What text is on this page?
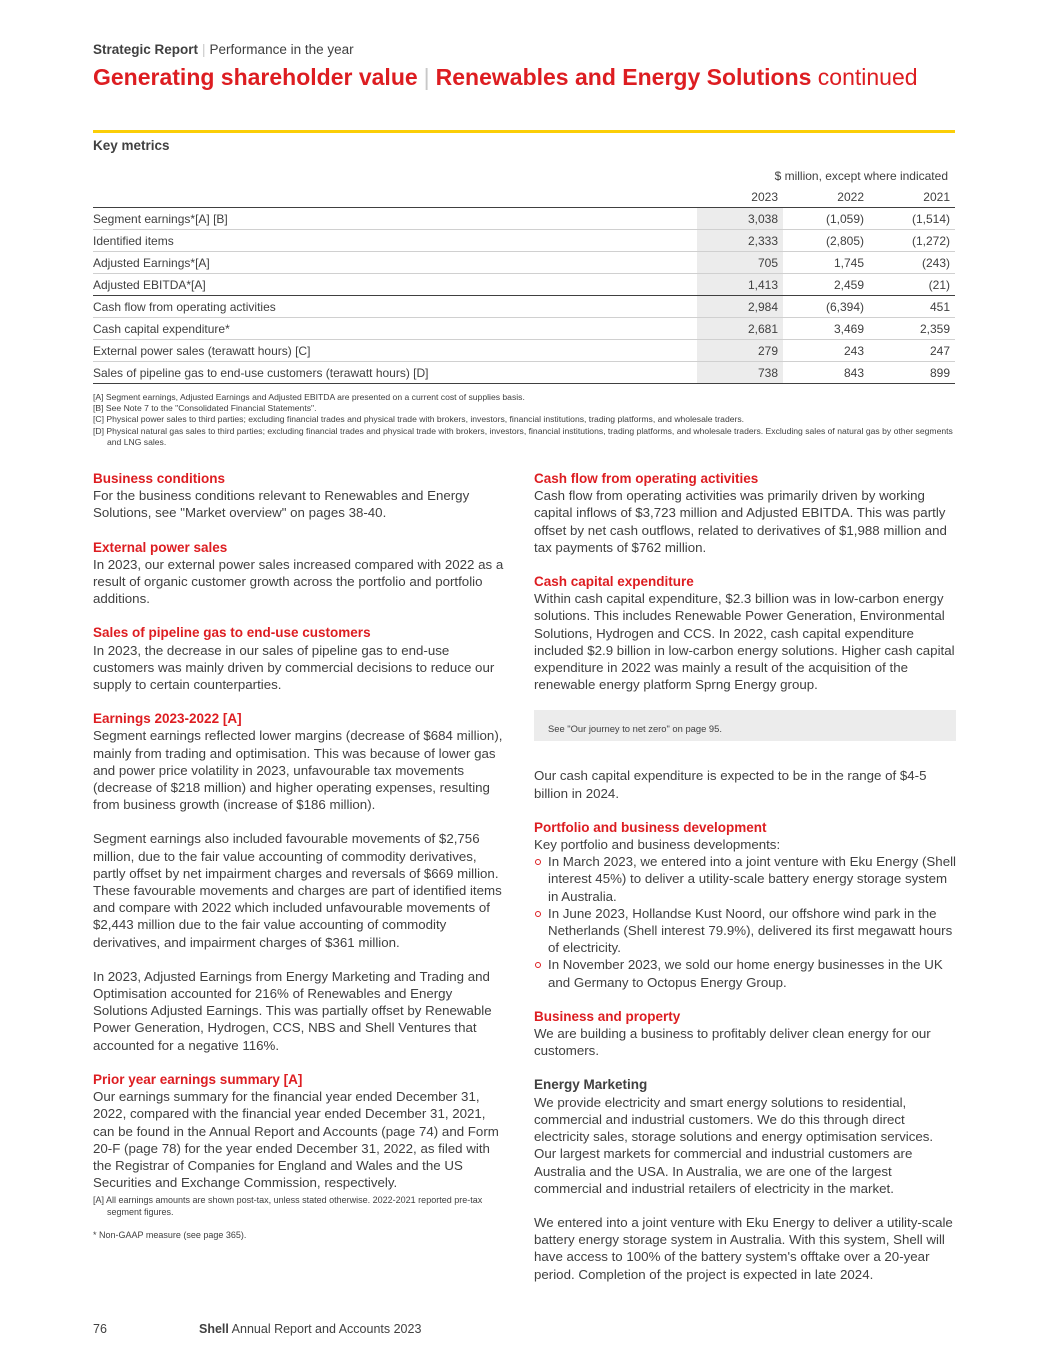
Strategic Report | Performance in the year
Generating shareholder value | Renewables and Energy Solutions continued
Key metrics
$ million, except where indicated
	2023	2022	2021
Segment earnings*[A] [B]	3,038	(1,059)	(1,514)
Identified items	2,333	(2,805)	(1,272)
Adjusted Earnings*[A]	705	1,745	(243)
Adjusted EBITDA*[A]	1,413	2,459	(21)
Cash flow from operating activities	2,984	(6,394)	451
Cash capital expenditure*	2,681	3,469	2,359
External power sales (terawatt hours) [C]	279	243	247
Sales of pipeline gas to end-use customers (terawatt hours) [D]	738	843	899
[A] Segment earnings, Adjusted Earnings and Adjusted EBITDA are presented on a current cost of supplies basis.
[B] See Note 7 to the "Consolidated Financial Statements".
[C] Physical power sales to third parties; excluding financial trades and physical trade with brokers, investors, financial institutions, trading platforms, and wholesale traders.
[D] Physical natural gas sales to third parties; excluding financial trades and physical trade with brokers, investors, financial institutions, trading platforms, and wholesale traders. Excluding sales of natural gas by other segments and LNG sales.
Business conditions
For the business conditions relevant to Renewables and Energy Solutions, see "Market overview" on pages 38-40.
External power sales
In 2023, our external power sales increased compared with 2022 as a result of organic customer growth across the portfolio and portfolio additions.
Sales of pipeline gas to end-use customers
In 2023, the decrease in our sales of pipeline gas to end-use customers was mainly driven by commercial decisions to reduce our supply to certain counterparties.
Earnings 2023-2022 [A]

Segment earnings reflected lower margins (decrease of $684 million), mainly from trading and optimisation. This was because of lower gas and power price volatility in 2023, unfavourable tax movements (decrease of $218 million) and higher operating expenses, resulting from business growth (increase of $186 million).

Segment earnings also included favourable movements of $2,756 million, due to the fair value accounting of commodity derivatives, partly offset by net impairment charges and reversals of $669 million. These favourable movements and charges are part of identified items and compare with 2022 which included unfavourable movements of $2,443 million due to the fair value accounting of commodity derivatives, and impairment charges of $361 million.

In 2023, Adjusted Earnings from Energy Marketing and Trading and Optimisation accounted for 216% of Renewables and Energy Solutions Adjusted Earnings. This was partially offset by Renewable Power Generation, Hydrogen, CCS, NBS and Shell Ventures that accounted for a negative 116%.

Prior year earnings summary [A]
Our earnings summary for the financial year ended December 31, 2022, compared with the financial year ended December 31, 2021, can be found in the Annual Report and Accounts (page 74) and Form 20-F (page 78) for the year ended December 31, 2022, as filed with the Registrar of Companies for England and Wales and the US Securities and Exchange Commission, respectively.
[A] All earnings amounts are shown post-tax, unless stated otherwise. 2022-2021 reported pre-tax segment figures.
* Non-GAAP measure (see page 365).
Cash flow from operating activities
Cash flow from operating activities was primarily driven by working capital inflows of $3,723 million and Adjusted EBITDA. This was partly offset by net cash outflows, related to derivatives of $1,988 million and tax payments of $762 million.
Cash capital expenditure
Within cash capital expenditure, $2.3 billion was in low-carbon energy solutions. This includes Renewable Power Generation, Environmental Solutions, Hydrogen and CCS. In 2022, cash capital expenditure included $2.9 billion in low-carbon energy solutions. Higher cash capital expenditure in 2022 was mainly a result of the acquisition of the renewable energy platform Sprng Energy group.
See "Our journey to net zero" on page 95.

Our cash capital expenditure is expected to be in the range of $4-5 billion in 2024.

Portfolio and business development
Key portfolio and business developments:
In March 2023, we entered into a joint venture with Eku Energy (Shell interest 45%) to deliver a utility-scale battery energy storage system in Australia.
In June 2023, Hollandse Kust Noord, our offshore wind park in the Netherlands (Shell interest 79.9%), delivered its first megawatt hours of electricity.
In November 2023, we sold our home energy businesses in the UK and Germany to Octopus Energy Group.
Business and property
We are building a business to profitably deliver clean energy for our customers.
Energy Marketing

We provide electricity and smart energy solutions to residential, commercial and industrial customers. We do this through direct electricity sales, storage solutions and energy optimisation services. Our largest markets for commercial and industrial customers are Australia and the USA. In Australia, we are one of the largest commercial and industrial retailers of electricity in the market.

We entered into a joint venture with Eku Energy to deliver a utility-scale battery energy storage system in Australia. With this system, Shell will have access to 100% of the battery system's offtake over a 20-year period. Completion of the project is expected in late 2024.

76	Shell Annual Report and Accounts 2023
